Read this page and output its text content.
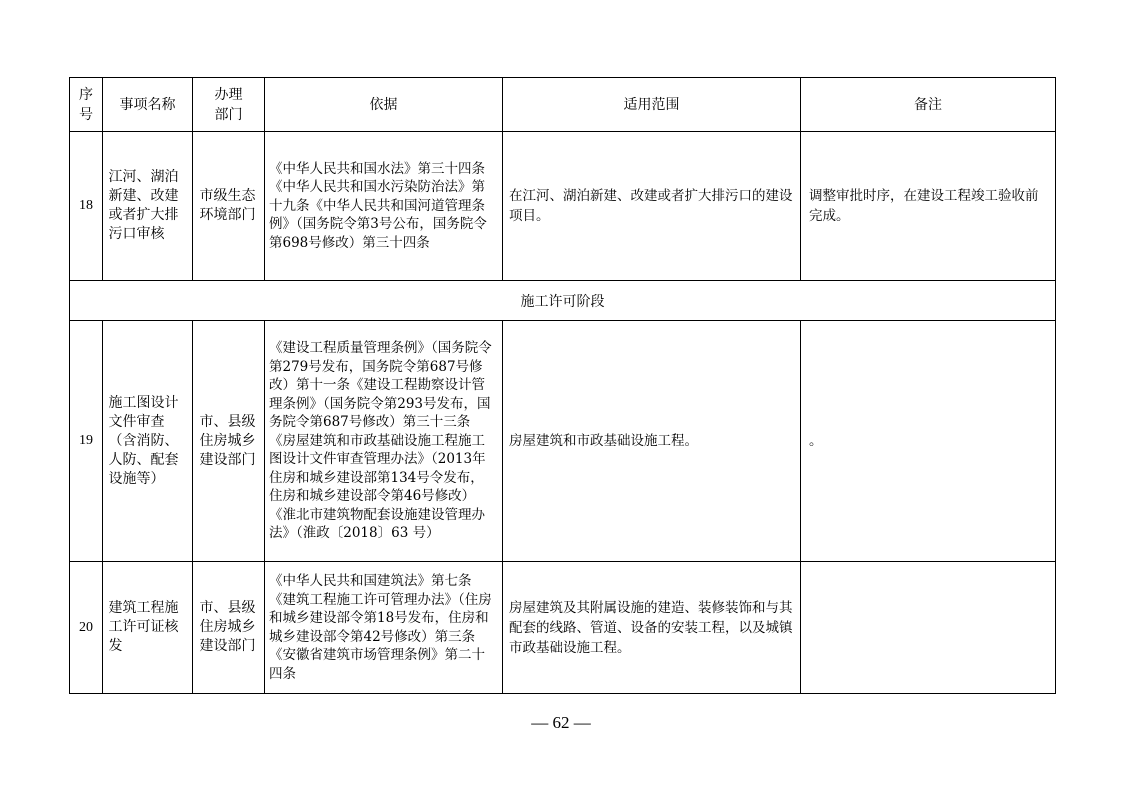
序号	事项名称	办理部门	依据	适用范围	备注
18	江河、湖泊新建、改建或者扩大排污口审核	市级生态环境部门	《中华人民共和国水法》第三十四条《中华人民共和国水污染防治法》第十九条《中华人民共和国河道管理条例》（国务院令第3号公布，国务院令第698号修改）第三十四条	在江河、湖泊新建、改建或者扩大排污口的建设项目。	调整审批时序，在建设工程竣工验收前完成。

施工许可阶段					
19	施工图设计文件审查（含消防、人防、配套设施等）	市、县级住房城乡建设部门	《建设工程质量管理条例》（国务院令第279号发布，国务院令第687号修改）第十一条《建设工程勘察设计管理条例》（国务院令第293号发布，国务院令第687号修改）第三十三条《房屋建筑和市政基础设施工程施工图设计文件审查管理办法》（2013年住房和城乡建设部第134号令发布，住房和城乡建设部令第46号修改）《淮北市建筑物配套设施建设管理办法》（淮政〔2018〕63 号）	房屋建筑和市政基础设施工程。	。

20	建筑工程施工许可证核发	市、县级住房城乡建设部门	《中华人民共和国建筑法》第七条《建筑工程施工许可管理办法》（住房和城乡建设部令第18号发布，住房和城乡建设部令第42号修改）第三条《安徽省建筑市场管理条例》第二十四条	房屋建筑及其附属设施的建造、装修装饰和与其配套的线路、管道、设备的安装工程，以及城镇市政基础设施工程。	

— 62 —
